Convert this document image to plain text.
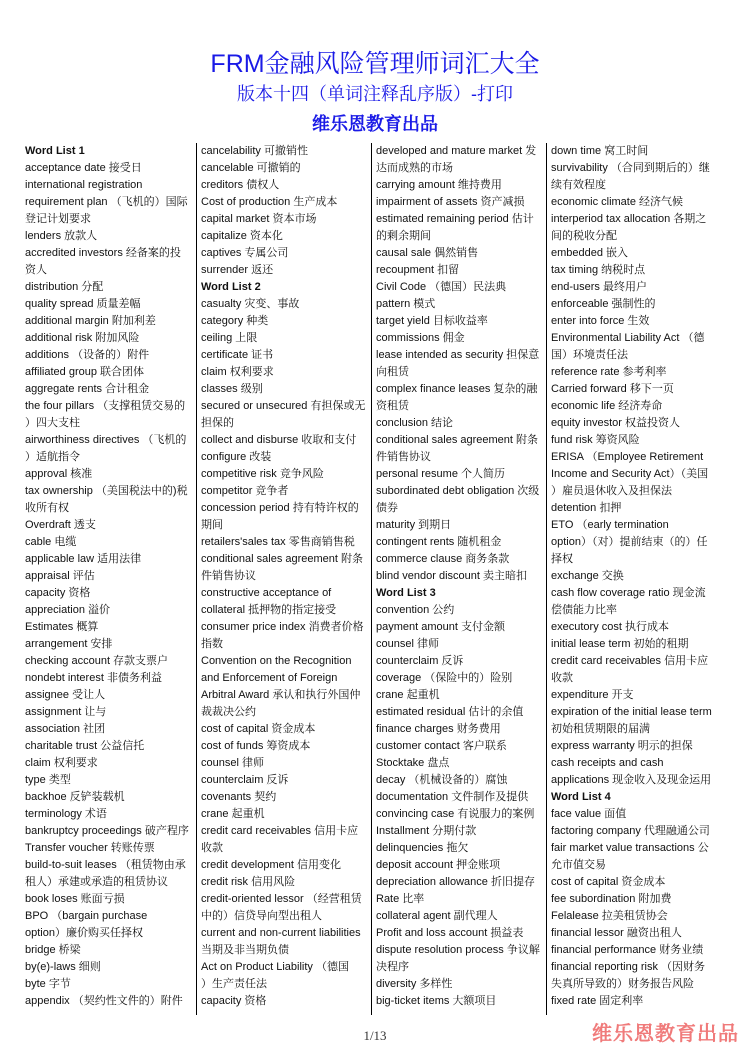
FRM金融风险管理师词汇大全
版本十四（单词注释乱序版）-打印
维乐恩教育出品
Word List 1
acceptance date 接受日
international registration
requirement plan （飞机的）国际
登记计划要求
lenders 放款人
accredited investors 经备案的投
资人
distribution 分配
quality spread 质量差幅
additional margin 附加利差
additional risk 附加风险
additions （设备的）附件
affiliated group 联合团体
aggregate rents 合计租金
the four pillars （支撑租赁交易的
）四大支柱
airworthiness directives （飞机的
）适航指令
approval 核准
tax ownership （美国税法中的)税
收所有权
Overdraft 透支
cable 电缆
applicable law 适用法律
appraisal 评估
capacity 资格
appreciation 溢价
Estimates 概算
arrangement 安排
checking account 存款支票户
nondebt interest 非债务利益
assignee 受让人
assignment 让与
association 社团
charitable trust 公益信托
claim 权利要求
type 类型
backhoe 反铲装载机
terminology 术语
bankruptcy proceedings 破产程序
Transfer voucher 转账传票
build-to-suit leases （租赁物由承
租人）承建或承造的租赁协议
book loses 账面亏损
BPO （bargain purchase
option）廉价购买任择权
bridge 桥梁
by(e)-laws 细则
byte 字节
appendix （契约性文件的）附件
cancelability 可撤销性
cancelable 可撤销的
creditors 债权人
Cost of production 生产成本
capital market 资本市场
capitalize 资本化
captives 专属公司
surrender 返还
Word List 2
casualty 灾变、事故
category 种类
ceiling 上限
certificate 证书
claim 权利要求
classes 级别
secured or unsecured 有担保或无
担保的
collect and disburse 收取和支付
configure 改装
competitive risk 竞争风险
competitor 竞争者
concession period 持有特许权的
期间
retailers'sales tax 零售商销售税
conditional sales agreement 附条
件销售协议
constructive acceptance of
collateral 抵押物的指定接受
consumer price index 消费者价格
指数
Convention on the Recognition
and Enforcement of Foreign
Arbitral Award 承认和执行外国仲
裁裁决公约
cost of capital 资金成本
cost of funds 筹资成本
counsel 律师
counterclaim 反诉
covenants 契约
crane 起重机
credit card receivables 信用卡应
收款
credit development 信用变化
credit risk 信用风险
credit-oriented lessor （经营租赁
中的）信贷导向型出租人
current and non-current liabilities
当期及非当期负债
Act on Product Liability （德国
）生产责任法
capacity 资格
developed and mature market 发
达而成熟的市场
carrying amount 维持费用
impairment of assets 资产减损
estimated remaining period 估计
的剩余期间
causal sale 偶然销售
recoupment 扣留
Civil Code （德国）民法典
pattern 模式
target yield 目标收益率
commissions 佣金
lease intended as security 担保意
向租赁
complex finance leases 复杂的融
资租赁
conclusion 结论
conditional sales agreement 附条
件销售协议
personal resume 个人简历
subordinated debt obligation 次级
债券
maturity 到期日
contingent rents 随机租金
commerce clause 商务条款
blind vendor discount 卖主暗扣
Word List 3
convention 公约
payment amount 支付金额
counsel 律师
counterclaim 反诉
coverage （保险中的）险别
crane 起重机
estimated residual 估计的余值
finance charges 财务费用
customer contact 客户联系
Stocktake 盘点
decay （机械设备的）腐蚀
documentation 文件制作及提供
convincing case 有说服力的案例
Installment 分期付款
delinquencies 拖欠
deposit account 押金账项
depreciation allowance 折旧提存
Rate 比率
collateral agent 副代理人
Profit and loss account 损益表
dispute resolution process 争议解
决程序
diversity 多样性
big-ticket items 大额项目
down time 窝工时间
survivability （合同到期后的）继
续有效程度
economic climate 经济气候
interperiod tax allocation 各期之
间的税收分配
embedded 嵌入
tax timing 纳税时点
end-users 最终用户
enforceable 强制性的
enter into force 生效
Environmental Liability Act （德
国）环境责任法
reference rate 参考利率
Carried forward 移下一页
economic life 经济寿命
equity investor 权益投资人
fund risk 筹资风险
ERISA （Employee Retirement
Income and Security Act）（美国
）雇员退休收入及担保法
detention 扣押
ETO （early termination
option）（对）提前结束（的）任
择权
exchange 交换
cash flow coverage ratio 现金流
偿债能力比率
executory cost 执行成本
initial lease term 初始的租期
credit card receivables 信用卡应
收款
expenditure 开支
expiration of the initial lease term
初始租赁期限的届满
express warranty 明示的担保
cash receipts and cash
applications 现金收入及现金运用
Word List 4
face value 面值
factoring company 代理融通公司
fair market value transactions 公
允市值交易
cost of capital 资金成本
fee subordination 附加费
Felalease 拉美租赁协会
financial lessor 融资出租人
financial performance 财务业绩
financial reporting risk （因财务
失真所导致的）财务报告风险
fixed rate 固定利率
1/13	维乐恩教育出品
